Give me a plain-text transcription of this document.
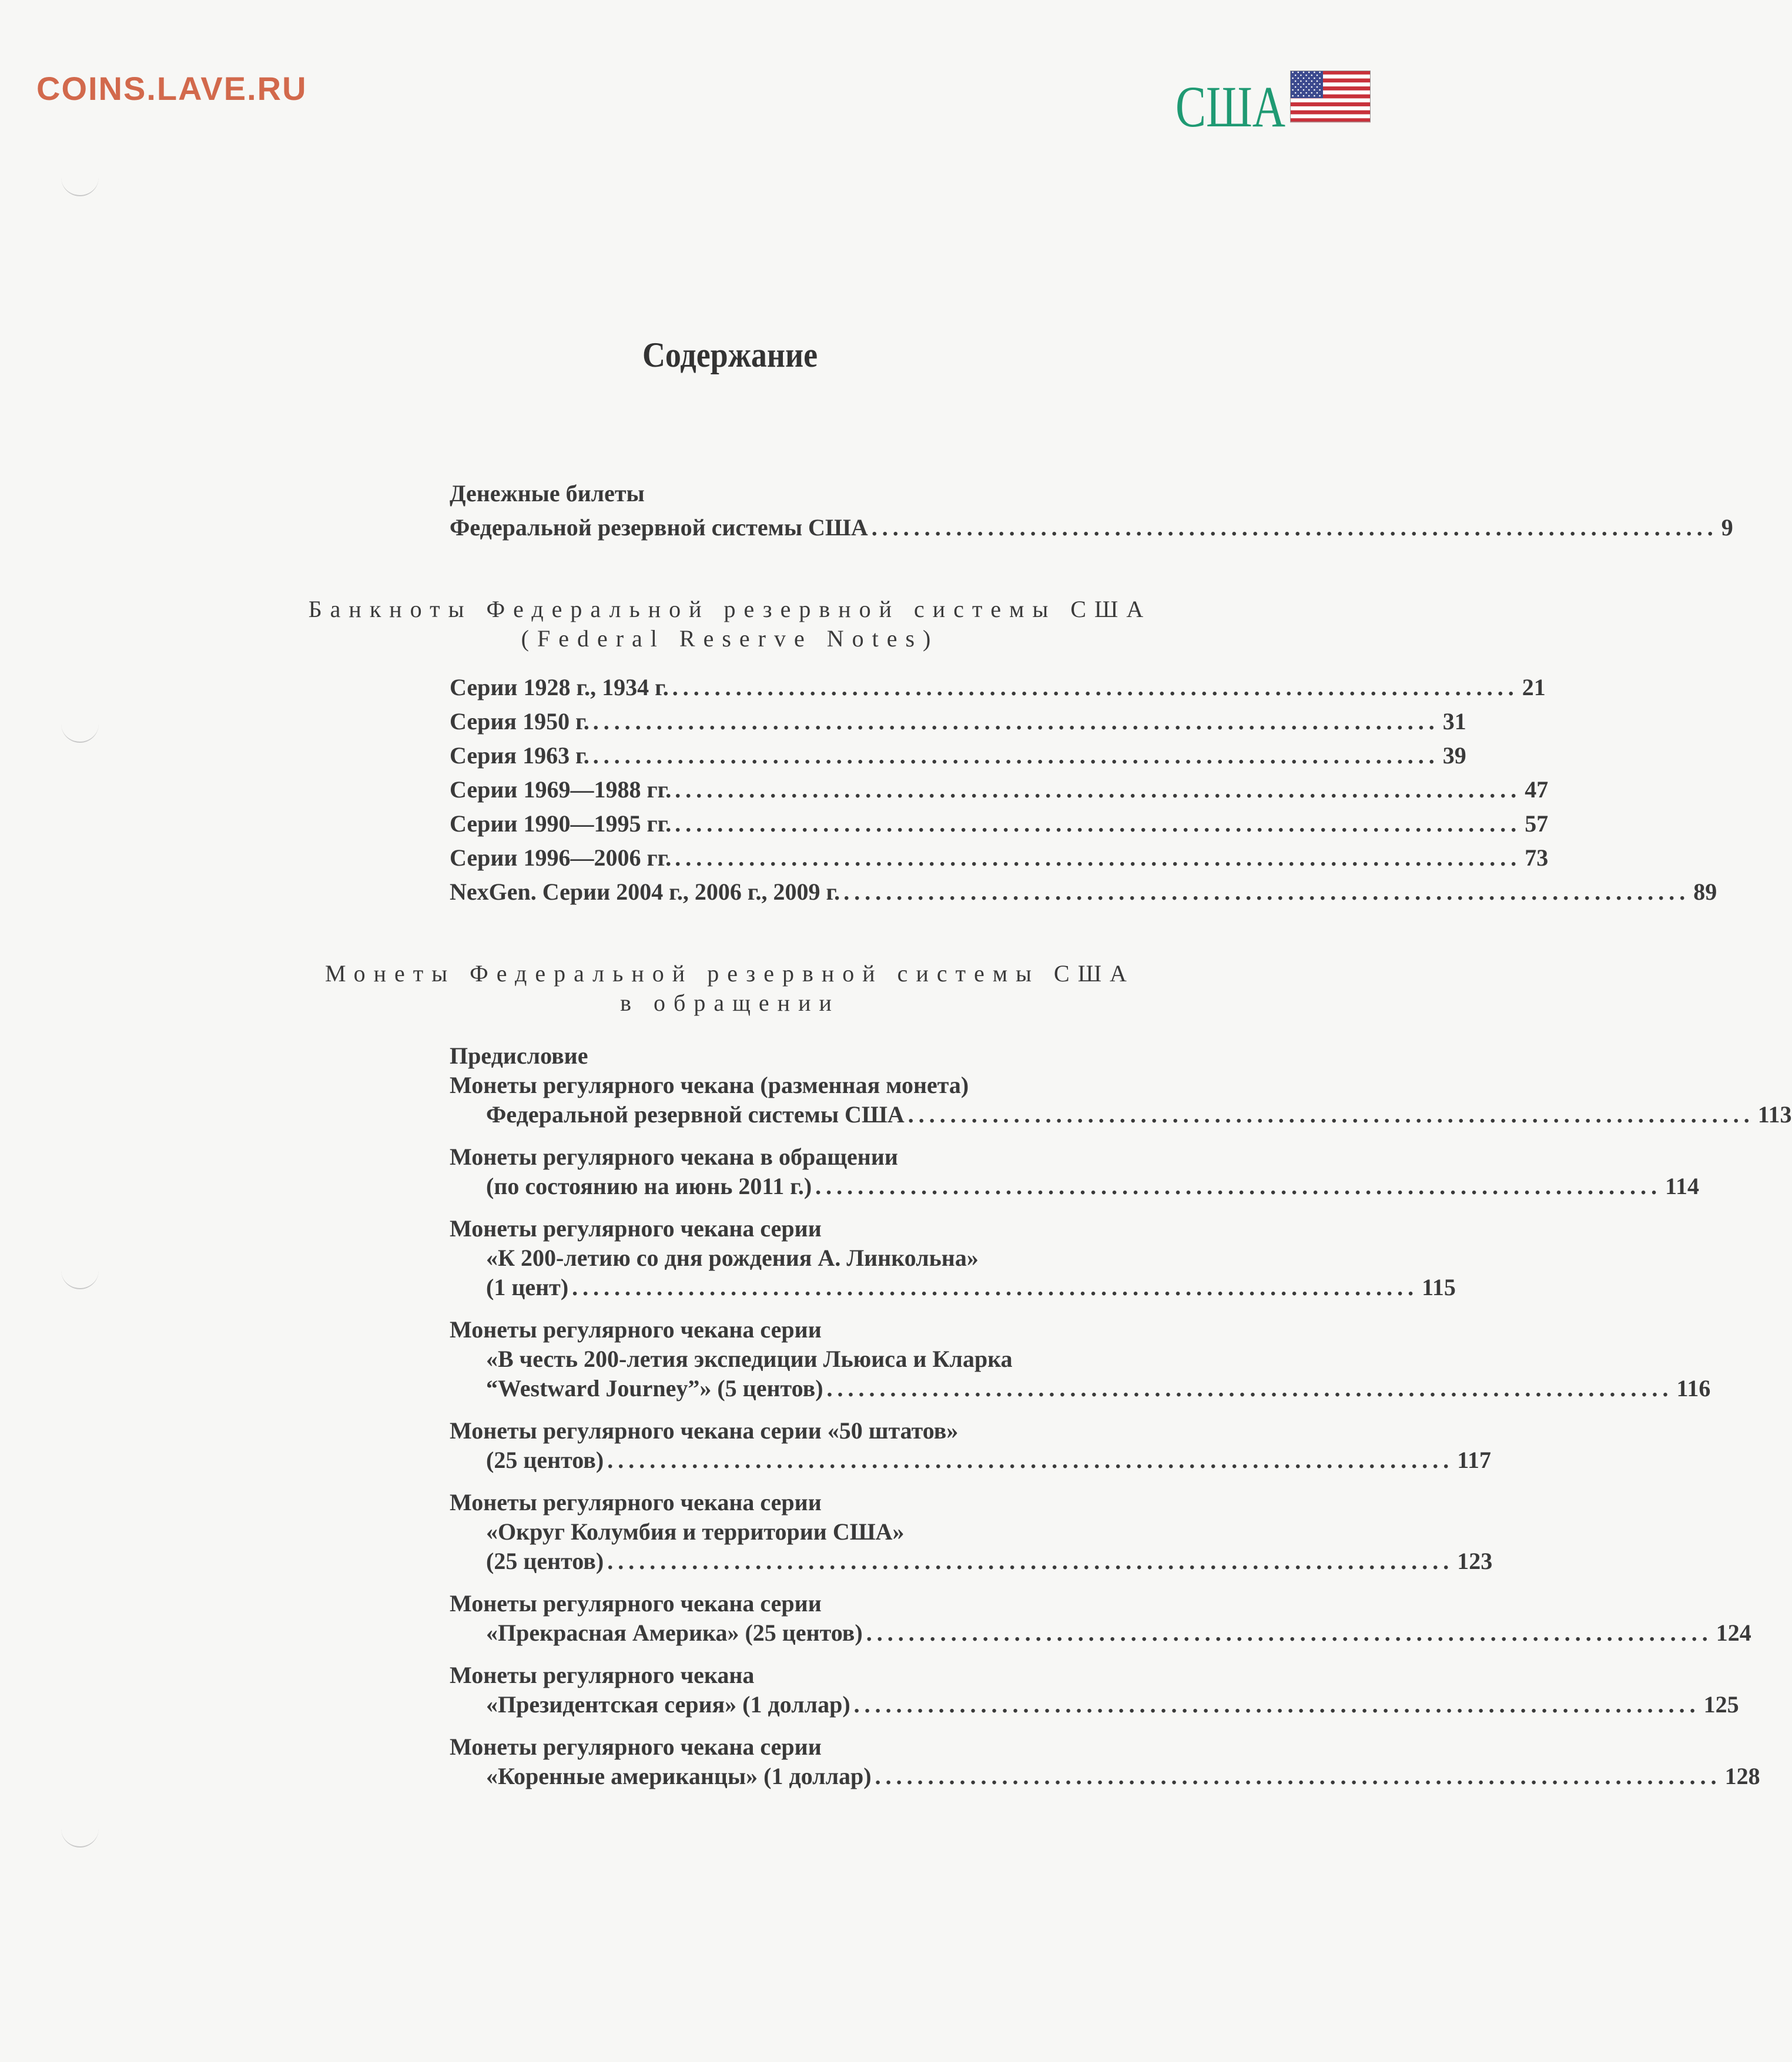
COINS.LAVE.RU	США
Содержание
Денежные билеты
Федеральной резервной системы США ................................................................................ 9
Банкноты Федеральной резервной системы США
(Federal Reserve Notes)
Серии 1928 г., 1934 г. ................................................................................ 21
Серия 1950 г. ................................................................................ 31
Серия 1963 г. ................................................................................ 39
Серии 1969—1988 гг. ................................................................................ 47
Серии 1990—1995 гг. ................................................................................ 57
Серии 1996—2006 гг. ................................................................................ 73
NexGen. Серии 2004 г., 2006 г., 2009 г. ................................................................................ 89
Монеты Федеральной резервной системы США
в обращении
Предисловие
Монеты регулярного чекана (разменная монета)
Федеральной резервной системы США ................................................................................ 113
Монеты регулярного чекана в обращении
(по состоянию на июнь 2011 г.) ................................................................................ 114
Монеты регулярного чекана серии
«К 200-летию со дня рождения А. Линкольна»
(1 цент) ................................................................................ 115
Монеты регулярного чекана серии
«В честь 200-летия экспедиции Льюиса и Кларка
“Westward Journey”» (5 центов) ................................................................................ 116
Монеты регулярного чекана серии «50 штатов»
(25 центов) ................................................................................ 117
Монеты регулярного чекана серии
«Округ Колумбия и территории США»
(25 центов) ................................................................................ 123
Монеты регулярного чекана серии
«Прекрасная Америка» (25 центов) ................................................................................ 124
Монеты регулярного чекана
«Президентская серия» (1 доллар) ................................................................................ 125
Монеты регулярного чекана серии
«Коренные американцы» (1 доллар) ................................................................................ 128
